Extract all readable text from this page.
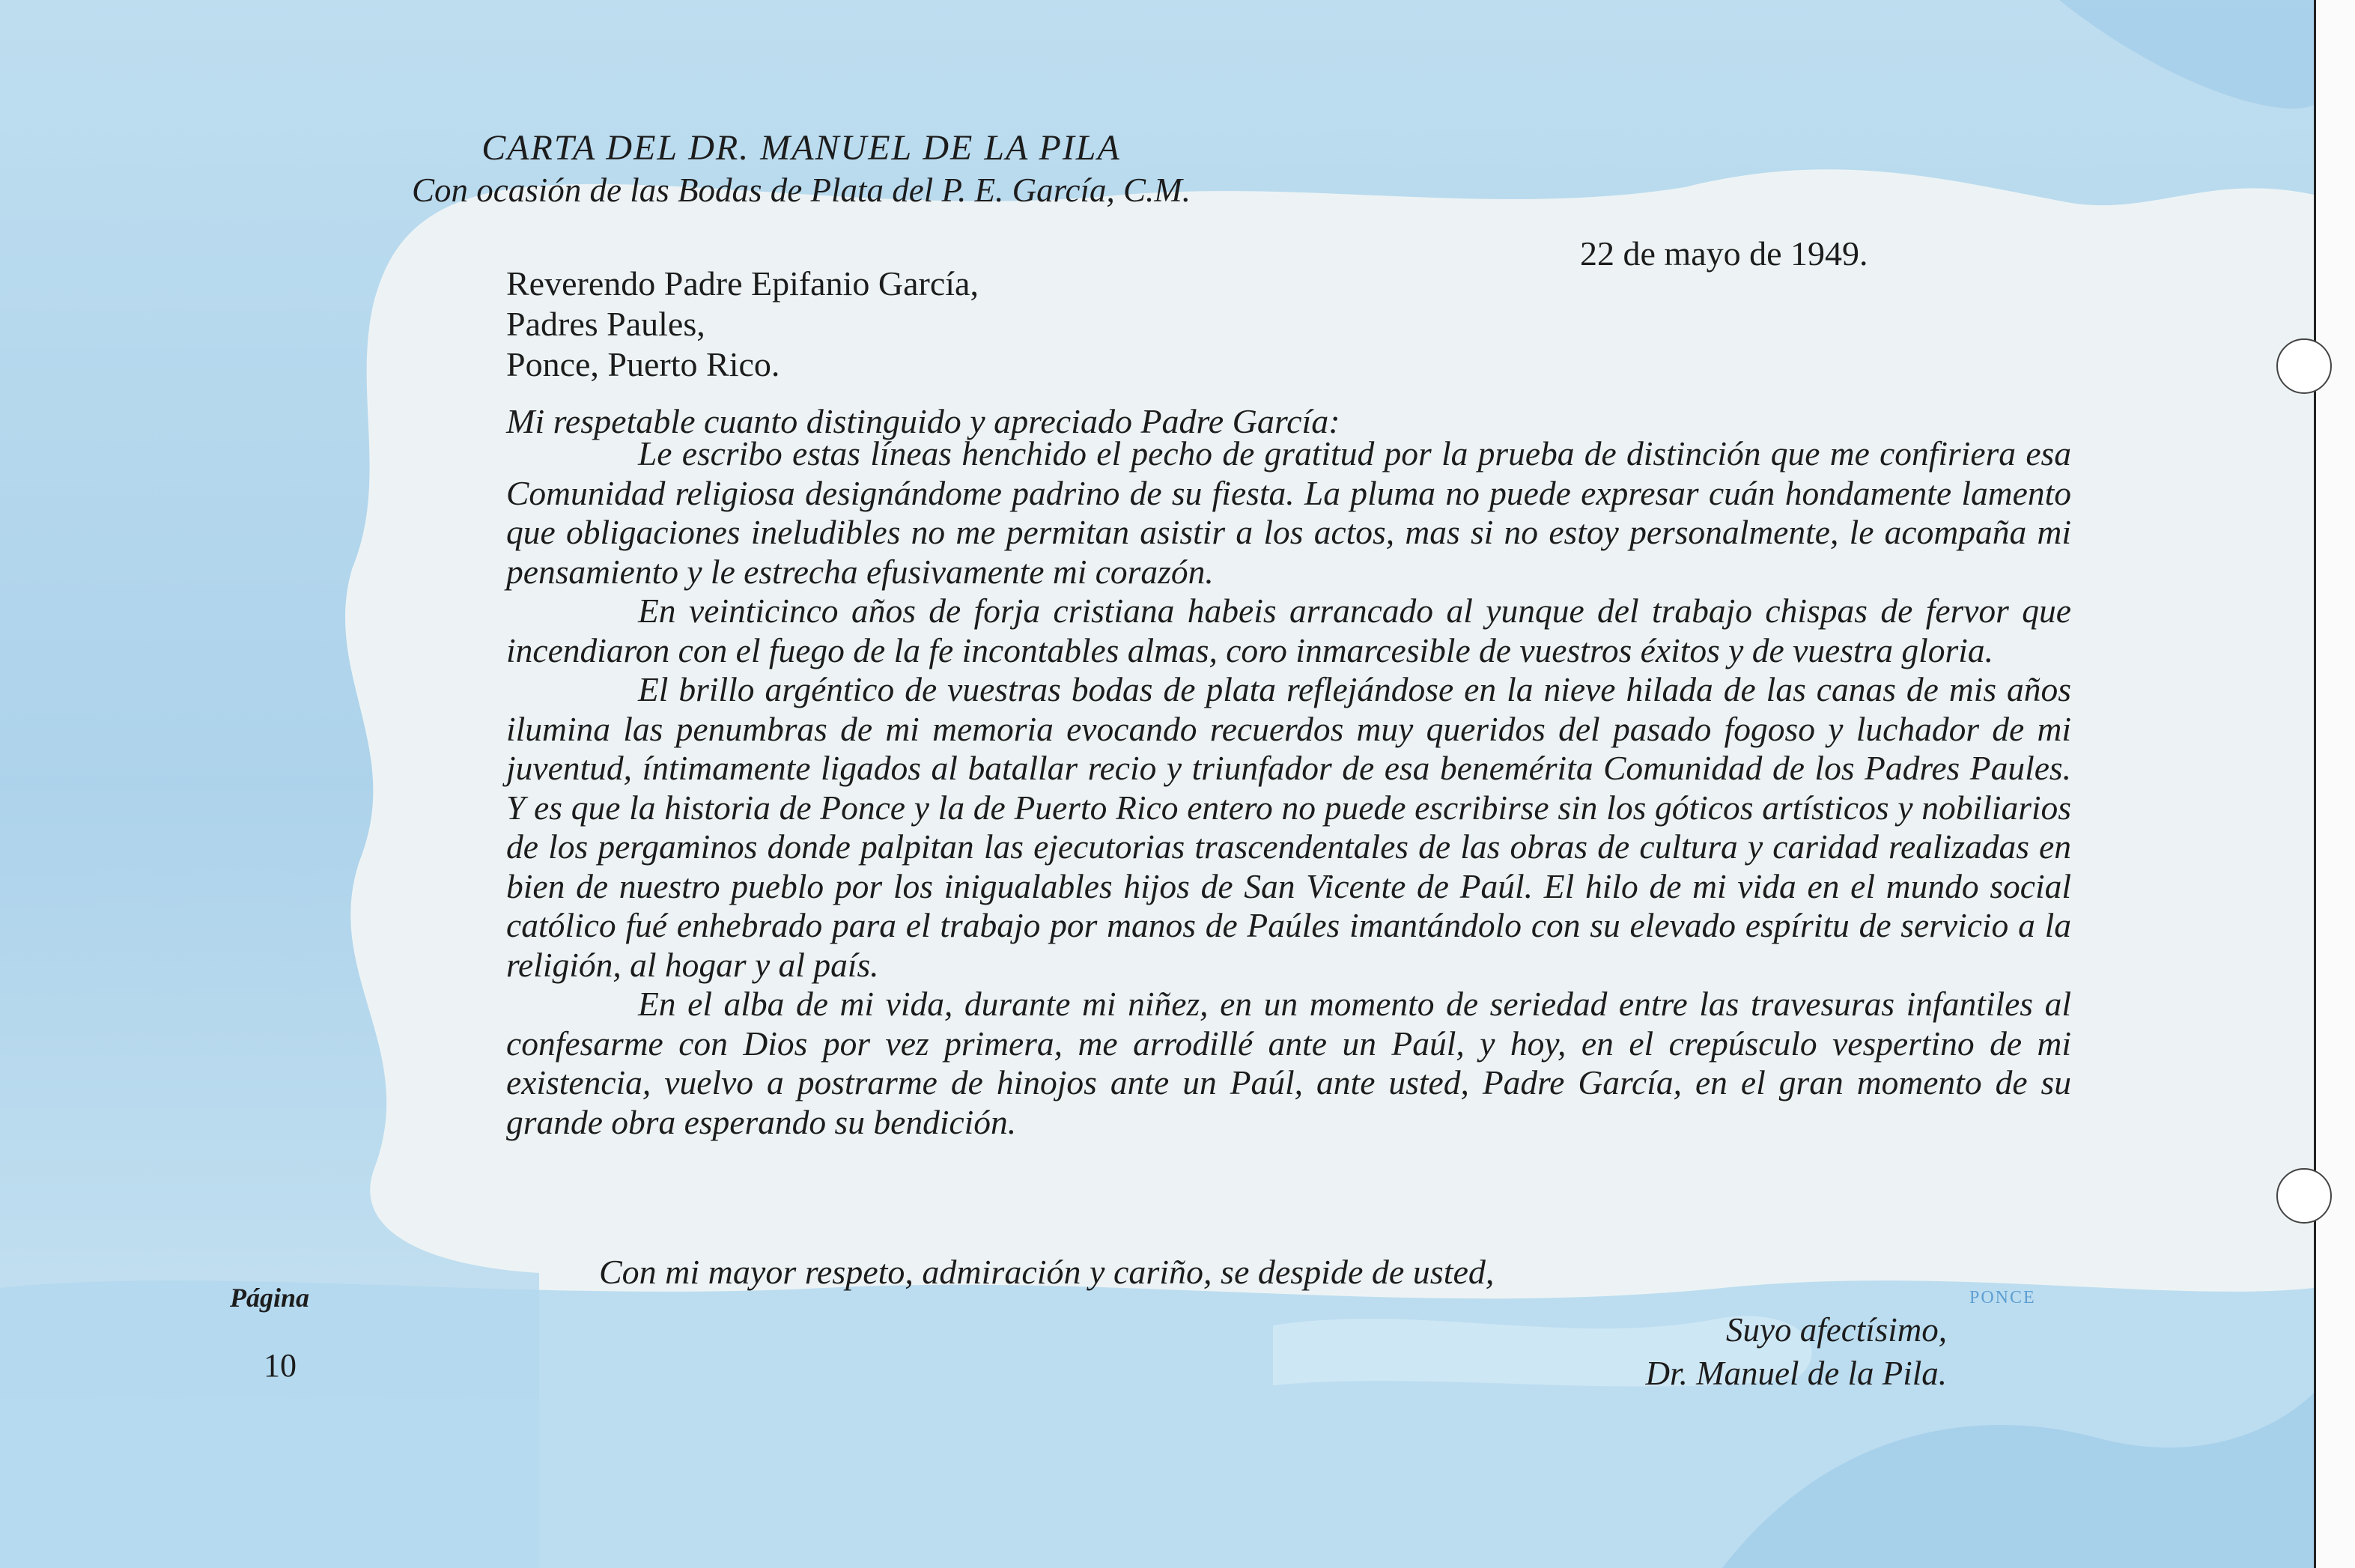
CARTA DEL DR. MANUEL DE LA PILA
Con ocasión de las Bodas de Plata del P. E. García, C.M.
22 de mayo de 1949.
Reverendo Padre Epifanio García,
Padres Paules,
Ponce, Puerto Rico.
Mi respetable cuanto distinguido y apreciado Padre García:

Le escribo estas líneas henchido el pecho de gratitud por la prueba de distinción que me confiriera esa Comunidad religiosa designándome padrino de su fiesta. La pluma no puede expresar cuán hondamente lamento que obligaciones ineludibles no me permitan asistir a los actos, mas si no estoy personalmente, le acompaña mi pensamiento y le estrecha efusivamente mi corazón.

En veinticinco años de forja cristiana habeis arrancado al yunque del trabajo chispas de fervor que incendiaron con el fuego de la fe incontables almas, coro inmarcesible de vuestros éxitos y de vuestra gloria.

El brillo argéntico de vuestras bodas de plata reflejándose en la nieve hilada de las canas de mis años ilumina las penumbras de mi memoria evocando recuerdos muy queridos del pasado fogoso y luchador de mi juventud, íntimamente ligados al batallar recio y triunfador de esa benemérita Comunidad de los Padres Paules. Y es que la historia de Ponce y la de Puerto Rico entero no puede escribirse sin los góticos artísticos y nobiliarios de los pergaminos donde palpitan las ejecutorias trascendentales de las obras de cultura y caridad realizadas en bien de nuestro pueblo por los inigualables hijos de San Vicente de Paúl. El hilo de mi vida en el mundo social católico fué enhebrado para el trabajo por manos de Paúles imantándolo con su elevado espíritu de servicio a la religión, al hogar y al país.

En el alba de mi vida, durante mi niñez, en un momento de seriedad entre las travesuras infantiles al confesarme con Dios por vez primera, me arrodillé ante un Paúl, y hoy, en el crepúsculo vespertino de mi existencia, vuelvo a postrarme de hinojos ante un Paúl, ante usted, Padre García, en el gran momento de su grande obra esperando su bendición.

Con mi mayor respeto, admiración y cariño, se despide de usted,
Suyo afectísimo,
Dr. Manuel de la Pila.
Página
10
PONCE
